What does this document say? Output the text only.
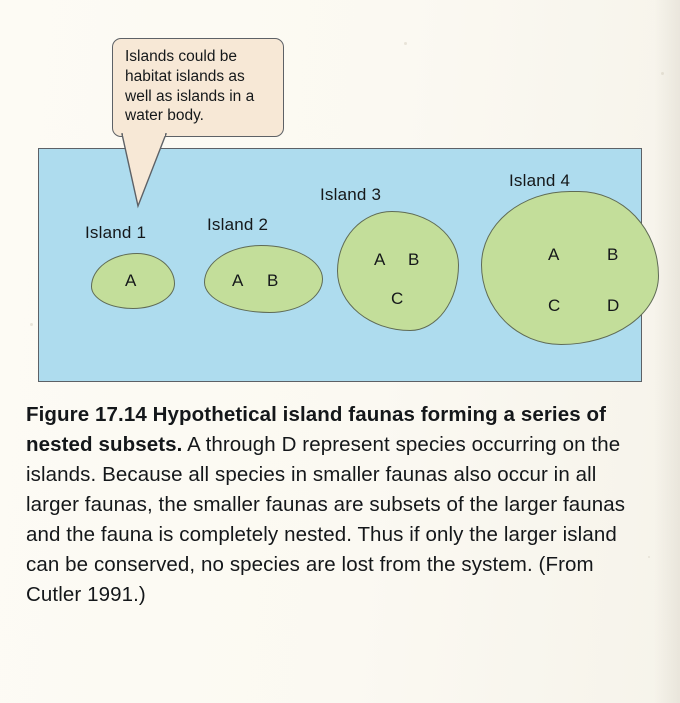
Island 1
A
Island 2
A B
Island 3
A B
C
Island 4
A	B
C	D
Islands could be habitat islands as well as islands in a water body.
Figure 17.14 Hypothetical island faunas forming a series of nested subsets. A through D represent species occurring on the islands. Because all species in smaller faunas also occur in all larger faunas, the smaller faunas are subsets of the larger faunas and the fauna is completely nested. Thus if only the larger island can be conserved, no species are lost from the system. (From Cutler 1991.)
